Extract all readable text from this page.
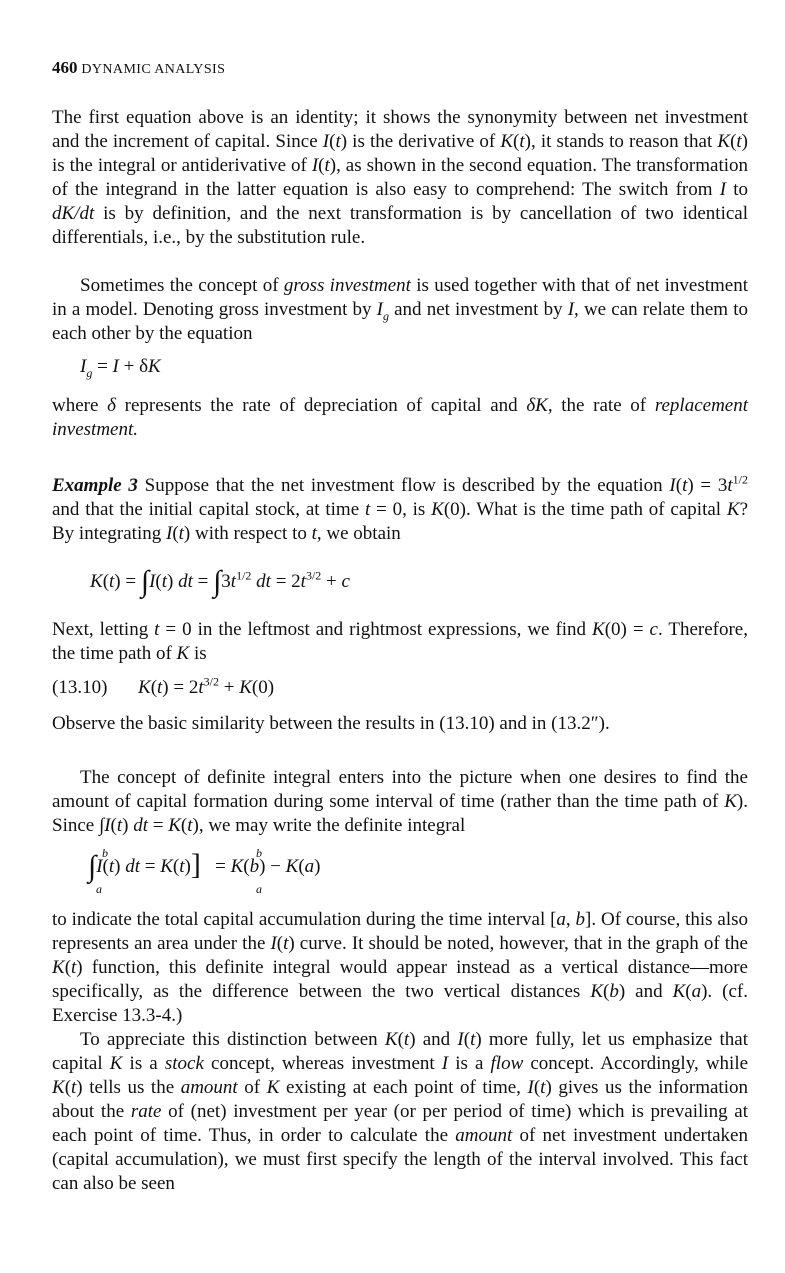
460 DYNAMIC ANALYSIS

The first equation above is an identity; it shows the synonymity between net investment and the increment of capital. Since I(t) is the derivative of K(t), it stands to reason that K(t) is the integral or antiderivative of I(t), as shown in the second equation. The transformation of the integrand in the latter equation is also easy to comprehend: The switch from I to dK/dt is by definition, and the next transformation is by cancellation of two identical differentials, i.e., by the substitution rule.

Sometimes the concept of gross investment is used together with that of net investment in a model. Denoting gross investment by $I_g$ and net investment by I, we can relate them to each other by the equation

$I_g = I + \delta K$

where δ represents the rate of depreciation of capital and δK, the rate of replacement investment.

Example 3 Suppose that the net investment flow is described by the equation $I(t) = 3t^{1/2}$ and that the initial capital stock, at time t = 0, is K(0). What is the time path of capital K? By integrating I(t) with respect to t, we obtain

K(t) = ∫I(t) dt = $\int 3t^{1/2}$ dt = $2t^{3/2} + c$

Next, letting t = 0 in the leftmost and rightmost expressions, we find K(0) = c. Therefore, the time path of K is

(13.10) $K(t) = 2t^{3/2} + K(0)$

Observe the basic similarity between the results in (13.10) and in (13.2″).

The concept of definite integral enters into the picture when one desires to find the amount of capital formation during some interval of time (rather than the time path of K). Since ∫I(t) dt = K(t), we may write the definite integral

b
a
b
a
∫I(t) dt = K(t)]   = K(b) − K(a)

to indicate the total capital accumulation during the time interval [a, b]. Of course, this also represents an area under the I(t) curve. It should be noted, however, that in the graph of the K(t) function, this definite integral would appear instead as a vertical distance—more specifically, as the difference between the two vertical distances K(b) and K(a). (cf. Exercise 13.3-4.)

To appreciate this distinction between K(t) and I(t) more fully, let us emphasize that capital K is a stock concept, whereas investment I is a flow concept. Accordingly, while K(t) tells us the amount of K existing at each point of time, I(t) gives us the information about the rate of (net) investment per year (or per period of time) which is prevailing at each point of time. Thus, in order to calculate the amount of net investment undertaken (capital accumulation), we must first specify the length of the interval involved. This fact can also be seen
